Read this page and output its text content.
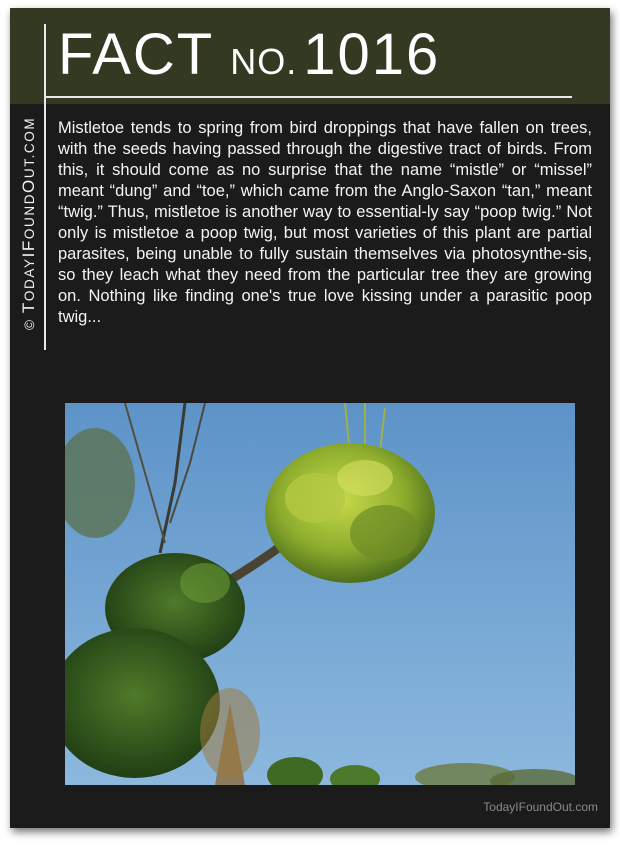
© TODAYIFOUNDOUT.COM
FACT NO. 1016
Mistletoe tends to spring from bird droppings that have fallen on trees, with the seeds having passed through the digestive tract of birds. From this, it should come as no surprise that the name “mistle” or “missel” meant “dung” and “toe,” which came from the Anglo-Saxon “tan,” meant “twig.” Thus, mistletoe is another way to essential-ly say “poop twig.” Not only is mistletoe a poop twig, but most varieties of this plant are partial parasites, being unable to fully sustain themselves via photosynthe-sis, so they leach what they need from the particular tree they are growing on. Nothing like finding one's true love kissing under a parasitic poop twig...
TodayIFoundOut.com
